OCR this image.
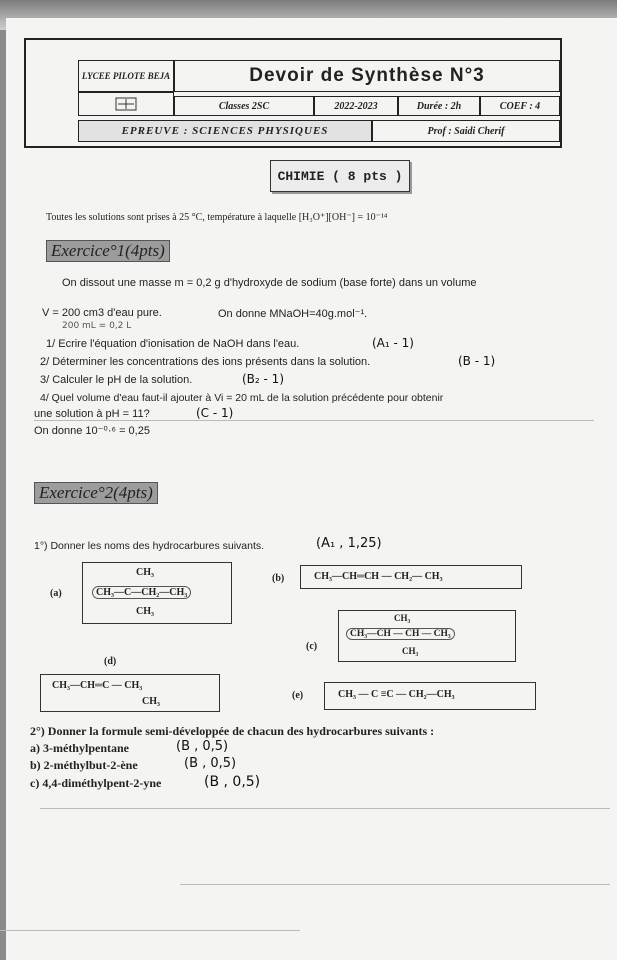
LYCEE PILOTE BEJA	Devoir de Synthèse N°3
Classes 2SC	2022-2023	Durée : 2h	COEF : 4
EPREUVE : SCIENCES PHYSIQUES	Prof : Saidi Cherif
CHIMIE ( 8 pts )
Toutes les solutions sont prises à 25 °C, température à laquelle [H₃O⁺][OH⁻] = 10⁻¹⁴
Exercice°1(4pts)
On dissout une masse m = 0,2 g d'hydroxyde de sodium (base forte) dans un volume
V = 200 cm3 d'eau pure.	On donne MNaOH=40g.mol⁻¹.
200 mL = 0,2 L
1/ Ecrire l'équation d'ionisation de NaOH dans l'eau.	(A₁ - 1)
2/ Déterminer les concentrations des ions présents dans la solution.	(B - 1)
3/ Calculer le pH de la solution.	(B₂ - 1)
4/ Quel volume d'eau faut-il ajouter à Vi = 20 mL de la solution précédente pour obtenir
une solution à pH = 11?	(C - 1)
On donne 10⁻⁰·⁶ = 0,25
Exercice°2(4pts)
1°) Donner les noms des hydrocarbures suivants.	(A₁ , 1,25)
(a)
CH₃
CH₃—C—CH₂—CH₃
CH₃
(b)	CH₃—CH═CH — CH₂— CH₃
(c)
CH₃
CH₃—CH — CH — CH₃
CH₃
(d)
CH₃—CH═C — CH₃
CH₃
(e)	CH₃ — C ≡C — CH₂—CH₃
2°) Donner la formule semi-développée de chacun des hydrocarbures suivants :
a) 3-méthylpentane	(B , 0,5)
b) 2-méthylbut-2-ène	(B , 0,5)
c) 4,4-diméthylpent-2-yne	(B , 0,5)
